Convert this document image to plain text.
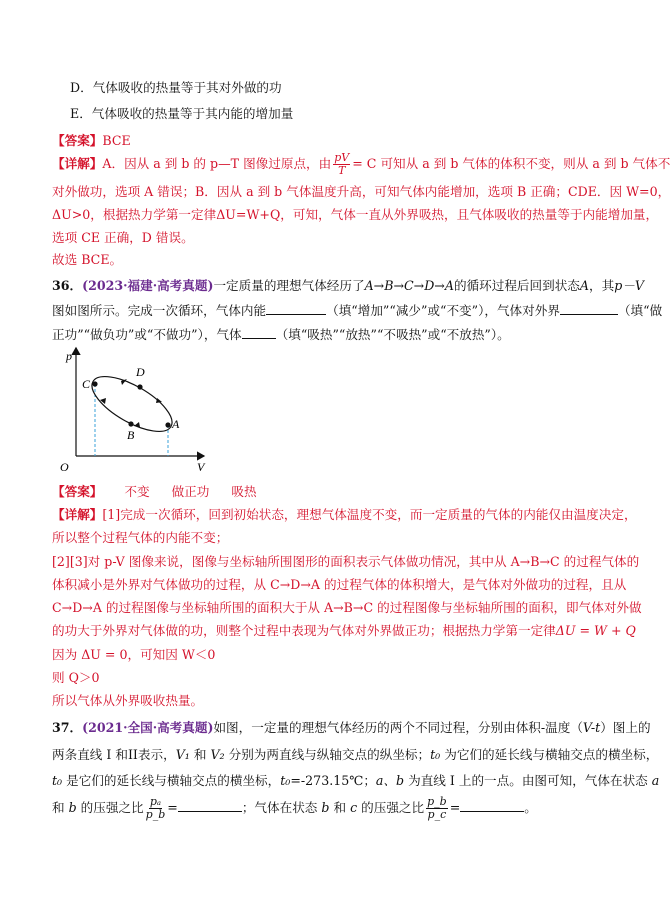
D．气体吸收的热量等于其对外做的功
E．气体吸收的热量等于其内能的增加量
【答案】BCE
【详解】A．因从 a 到 b 的 p—T 图像过原点，由 $\frac{pV}{T} = C$ 可知从 a 到 b 气体的体积不变，则从 a 到 b 气体不
对外做功，选项 A 错误；B．因从 a 到 b 气体温度升高，可知气体内能增加，选项 B 正确；CDE．因 W=0，
ΔU>0，根据热力学第一定律ΔU=W+Q，可知，气体一直从外界吸热，且气体吸收的热量等于内能增加量，
选项 CE 正确，D 错误。
故选 BCE。
36．(2023·福建·高考真题)一定质量的理想气体经历了A→B→C→D→A的循环过程后回到状态A，其p－V
图如图所示。完成一次循环，气体内能	（填“增加”“减少”或“不变”），气体对外界	（填“做
正功”“做负功”或“不做功”），气体	（填“吸热”“放热”“不吸热”或“不放热”）。
p
V
O
C
D
A
B
【答案】 不变 做正功 吸热
【详解】[1]完成一次循环，回到初始状态，理想气体温度不变，而一定质量的气体的内能仅由温度决定，
所以整个过程气体的内能不变；
[2][3]对 p-V 图像来说，图像与坐标轴所围图形的面积表示气体做功情况，其中从 A→B→C 的过程气体的
体积减小是外界对气体做功的过程，从 C→D→A 的过程气体的体积增大，是气体对外做功的过程，且从
C→D→A 的过程图像与坐标轴所围的面积大于从 A→B→C 的过程图像与坐标轴所围的面积，即气体对外做
的功大于外界对气体做的功，则整个过程中表现为气体对外界做正功；根据热力学第一定律ΔU = W + Q
因为 ΔU = 0，可知因 W＜0
则 Q＞0
所以气体从外界吸收热量。
37．(2021·全国·高考真题)如图，一定量的理想气体经历的两个不同过程，分别由体积-温度（V-t）图上的
两条直线 I 和II表示，V₁ 和 V₂ 分别为两直线与纵轴交点的纵坐标；t₀ 为它们的延长线与横轴交点的横坐标，
t₀ 是它们的延长线与横轴交点的横坐标，t₀=-273.15℃；a、b 为直线 I 上的一点。由图可知，气体在状态 a
和 b 的压强之比 $\frac{\text{pₐ}}{p\_b}$ =	；气体在状态 b 和 c 的压强之比 $\frac{p\_b}{p\_c}$ =	。
